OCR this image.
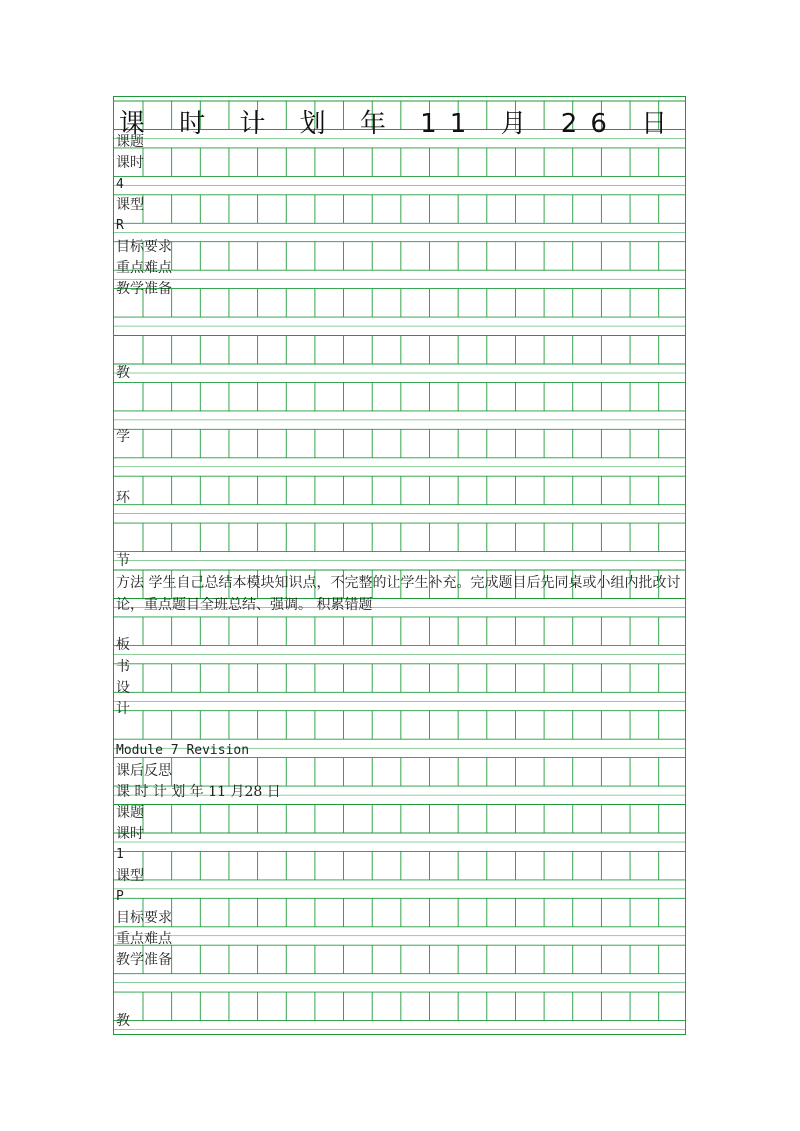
课 时 计 划 年 11 月 26 日
课题
课时
4
课型
R
目标要求
重点难点
教学准备
教
学
环
节
方法 学生自己总结本模块知识点，不完整的让学生补充。完成题目后先同桌或小组内批改讨论，重点题目全班总结、强调。 积累错题
板
书
设
计
Module 7 Revision
课后反思
课 时 计 划 年 11 月28 日
课题
课时
1
课型
P
目标要求
重点难点
教学准备
教
